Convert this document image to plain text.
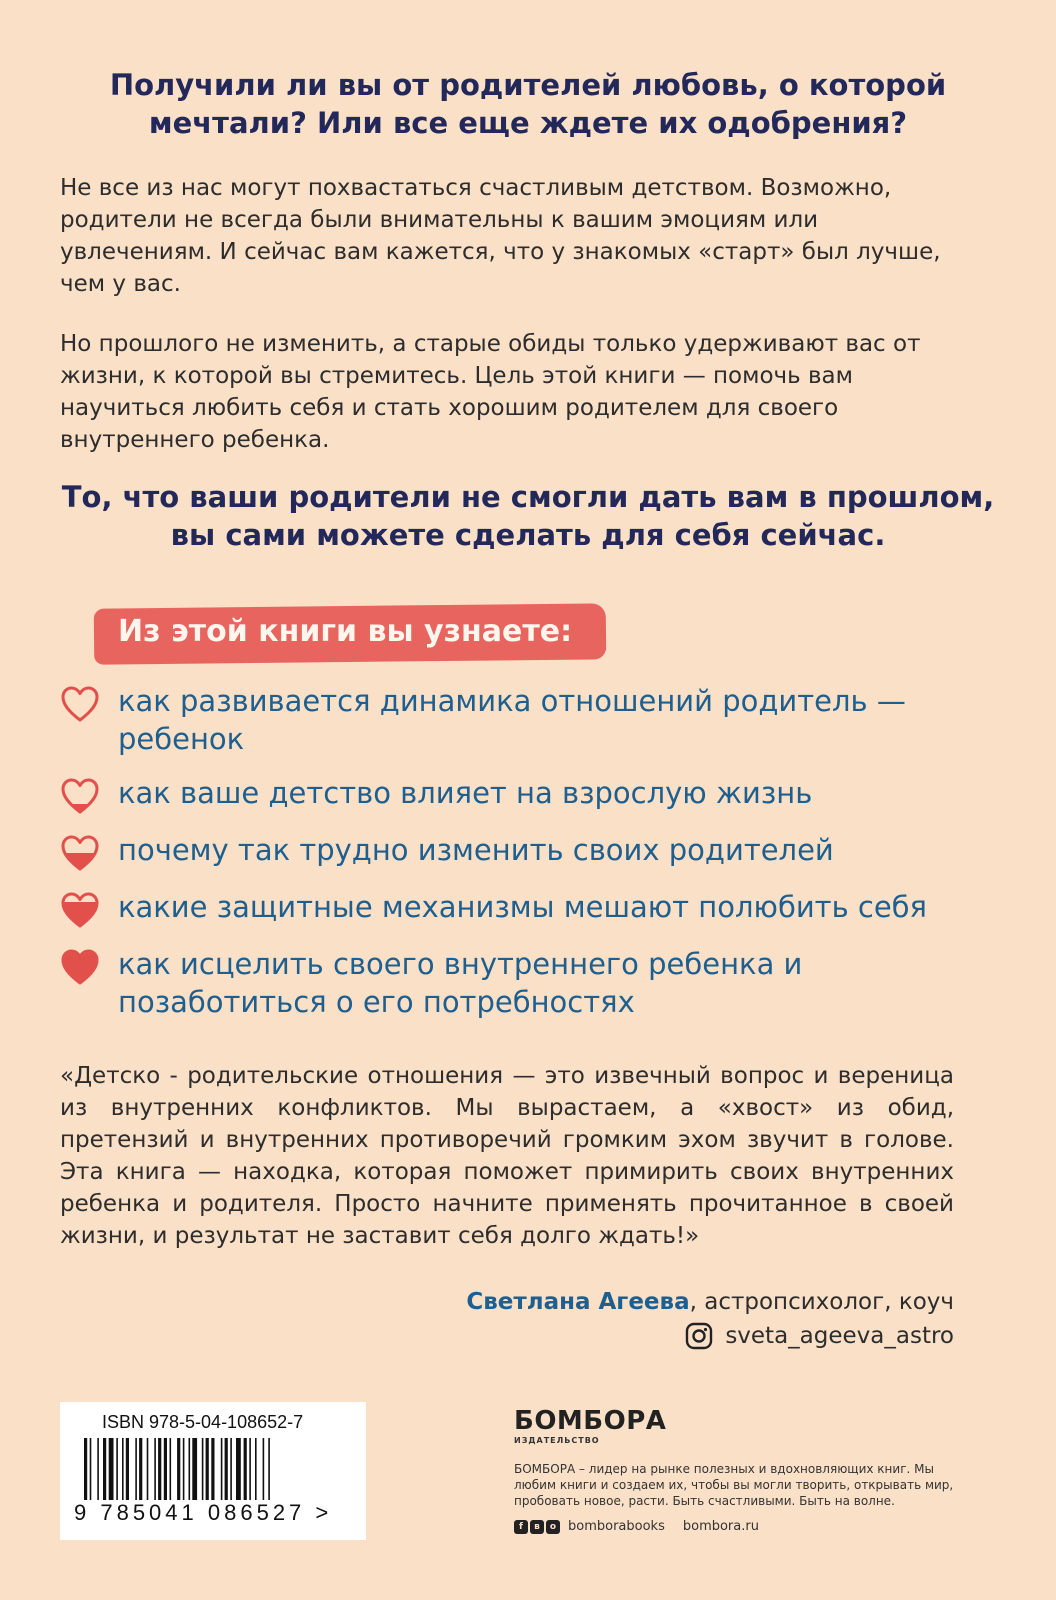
Получили ли вы от родителей любовь, о которой мечтали? Или все еще ждете их одобрения?

Не все из нас могут похвастаться счастливым детством. Возможно, родители не всегда были внимательны к вашим эмоциям или увлечениям. И сейчас вам кажется, что у знакомых «старт» был лучше, чем у вас.

Но прошлого не изменить, а старые обиды только удерживают вас от жизни, к которой вы стремитесь. Цель этой книги — помочь вам научиться любить себя и стать хорошим родителем для своего внутреннего ребенка.

То, что ваши родители не смогли дать вам в прошлом, вы сами можете сделать для себя сейчас.

Из этой книги вы узнаете:

как развивается динамика отношений родитель — ребенок
как ваше детство влияет на взрослую жизнь
почему так трудно изменить своих родителей
какие защитные механизмы мешают полюбить себя
как исцелить своего внутреннего ребенка и позаботиться о его потребностях

«Детско - родительские отношения — это извечный вопрос и вереница из внутренних конфликтов. Мы вырастаем, а «хвост» из обид, претензий и внутренних противоречий громким эхом звучит в голове. Эта книга — находка, которая поможет примирить своих внутренних ребенка и родителя. Просто начните применять прочитанное в своей жизни, и результат не заставит себя долго ждать!»

Светлана Агеева, астропсихолог, коуч
sveta_ageeva_astro
ISBN 978-5-04-108652-7
9 785041 086527 >
БОМБОРА
ИЗДАТЕЛЬСТВО
БОМБОРА – лидер на рынке полезных и вдохновляющих книг. Мы любим книги и создаем их, чтобы вы могли творить, открывать мир, пробовать новое, расти. Быть счастливыми. Быть на волне.
f	в	о bomborabooks bombora.ru
